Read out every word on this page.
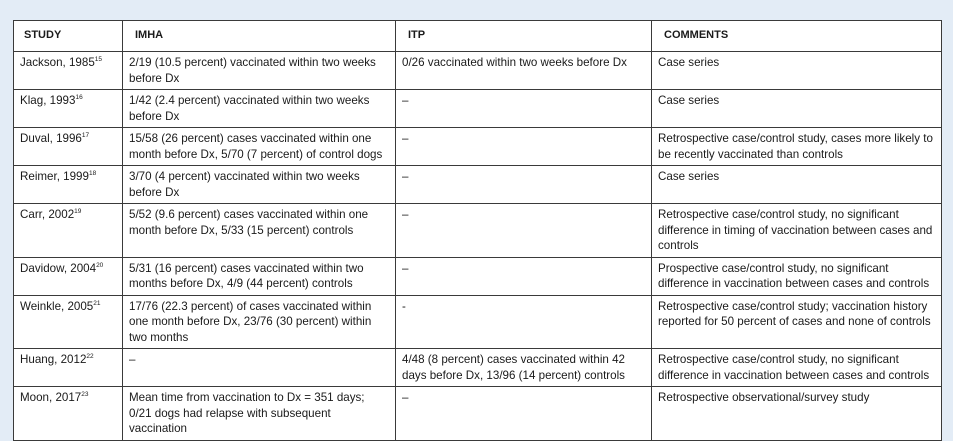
STUDY	IMHA	ITP	COMMENTS
Jackson, 1985$^{15}$	2/19 (10.5 percent) vaccinated within two weeks before Dx	0/26 vaccinated within two weeks before Dx	Case series
Klag, 1993$^{16}$	1/42 (2.4 percent) vaccinated within two weeks before Dx	–	Case series
Duval, 1996$^{17}$	15/58 (26 percent) cases vaccinated within one month before Dx, 5/70 (7 percent) of control dogs	–	Retrospective case/control study, cases more likely to be recently vaccinated than controls
Reimer, 1999$^{18}$	3/70 (4 percent) vaccinated within two weeks before Dx	–	Case series
Carr, 2002$^{19}$	5/52 (9.6 percent) cases vaccinated within one month before Dx, 5/33 (15 percent) controls	–	Retrospective case/control study, no significant difference in timing of vaccination between cases and controls
Davidow, 2004$^{20}$	5/31 (16 percent) cases vaccinated within two months before Dx, 4/9 (44 percent) controls	–	Prospective case/control study, no significant difference in vaccination between cases and controls
Weinkle, 2005$^{21}$	17/76 (22.3 percent) of cases vaccinated within one month before Dx, 23/76 (30 percent) within two months	-	Retrospective case/control study; vaccination history reported for 50 percent of cases and none of controls
Huang, 2012$^{22}$	–	4/48 (8 percent) cases vaccinated within 42 days before Dx, 13/96 (14 percent) controls	Retrospective case/control study, no significant difference in vaccination between cases and controls
Moon, 2017$^{23}$	Mean time from vaccination to Dx = 351 days; 0/21 dogs had relapse with subsequent vaccination	–	Retrospective observational/survey study
